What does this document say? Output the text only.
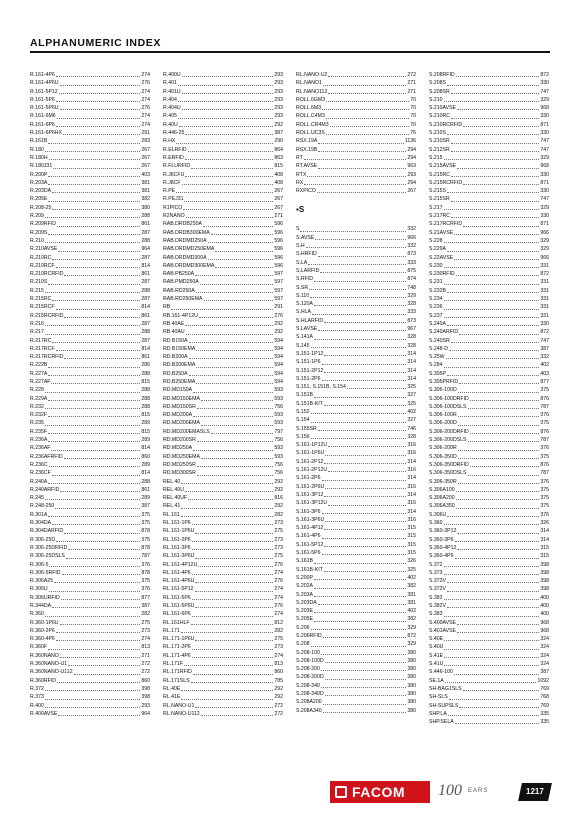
ALPHANUMERIC INDEX
R.161-4P6	274
R.161-4P6U	276
R.161-5P12	274
R.161-5P6	274
R.161-5P6U	276
R.161-6M6	274
R.161-6P6	274
R.161-6P6HX	291
R.161B	283
R.180	267
R.180H	267
R.180J31	267
R.200P	403
R.203A	381
R.203DA	381
R.205E	382
R.208-25	380
R.209	288
R.209RFID	861
R.209S	287
R.210	288
R.210AVSE	964
R.210RC	287
R.210RCF	814
R.210RCRFID	861
R.210S	287
R.215	288
R.215RC	287
R.215RCF	814
R.215RCRFID	861
R.216	287
R.217	288
R.217RC	287
R.217RCF	814
R.217RCRFID	861
R.222B	286
R.227A	288
R.227AF	815
R.228	288
R.229A	288
R.232	288
R.232F	815
R.235	289
R.235F	815
R.236A	289
R.236AF	814
R.236AFRFID	860
R.236C	289
R.236CF	814
R.240A	288
R.240ARFID	861
R.245	289
R.248-250	387
R.301A	375
R.304DA	375
R.304DARFID	878
R.306-25D	375
R.306-25DRFID	878
R.306-25DSLS	787
R.306-5	376
R.306-5RFID	878
R.306A25	375
R.306U	376
R.306URFID	877
R.344DA	387
R.360	282
R.360-1P6U	275
R.360-2P6	273
R.360-4P6	274
R.360F	813
R.360NANO	271
R.360NANO-U1	272
R.360NANO-U112	272
R.360RFID	860
R.372	398
R.373	398
R.400	293
R.400AVSE	964
R.400U	293
R.401	293
R.401U	293
R.404	293
R.404U	293
R.405	293
R.40U	292
R.446-25	387
R.HX	290
R.ELRFID	864
R.ERFID	863
R.FLURFID	815
R.J6CFU	408
R.J8CF	408
R.PE	267
R.PEJ31	267
R1PICO	267
R2NANO	271
RAB.DRDB250A	596
RAB.DRDB300EMA	596
RAB.DRDMD250A	596
RAB.DRDMD250EMA	596
RAB.DRDMD300A	596
RAB.DRDMD300EMA	596
RAB.PB250A	597
RAB.PMD250A	597
RAB.RD250A	597
RAB.RD250EMA	597
RB	291
RB.161-4P12U	276
RB.40AE	292
RB.40AU	292
RD.B150A	594
RD.B150EMA	594
RD.B200A	594
RD.B200EMA	594
RD.B250A	594
RD.B250EMA	594
RD.MD150A	593
RD.MD150EMA	593
RD.MD150SR	756
RD.MD200A	593
RD.MD200EMA	593
RD.MD200EMASLS	797
RD.MD200SR	756
RD.MD250A	593
RD.MD250EMA	593
RD.MD250SR	756
RD.MD300SR	756
REL.40	292
REL.40U	292
REL.40UF	816
REL.41	292
RL.161	282
RL.161-1P6	273
RL.161-1P6U	275
RL.161-2P6	273
RL.161-3P6	273
RL.161-3P6U	275
RL.161-4P12U	276
RL.161-4P6	274
RL.161-4P6U	276
RL.161-5P12	274
RL.161-5P6	274
RL.161-5P6U	276
RL.161-6P6	274
RL.161HLF	812
RL.171	282
RL.171-1P6U	275
RL.171-2P6	273
RL.171-4P6	274
RL.171F	813
RL.171RFID	860
RL.171SLS	785
RL.40E	292
RL.41E	292
RL.NANO-U1	272
RL.NANO-U112	272
RL.NANO-U2	272
RL.NANO1	271
RL.NANO112	271
ROLL.6GM3	70
ROLL.6M3	70
ROLL.C4M3	70
ROLL.CR4M3	70
ROLL.UC3S	76
RSX.19A	1136
RSX.19B	294
RT	294
RT.AVSE	963
RTX	293
RX	294
RXPICO	267
▪S
S	332
S.AVSE	966
S.H	332
S.HRFID	873
S.LA	333
S.LARFID	875
S.RFID	874
S.SR	748
S.110	329
S.120A	328
S.HLA	333
S.HLARFID	873
S.LAVSE	967
S.141A	328
S.145	328
S.151-1P12	314
S.151-1P6	314
S.151-2P12	314
S.151-2P6	314
S.151, S.151B, S.154	325
S.151B	327
S.151B-KIT	325
S.152	402
S.154	327
S.155SR	746
S.156	328
S.161-1P12U	316
S.161-1P6U	316
S.161-2P12	314
S.161-2P12U	316
S.161-2P6	314
S.161-2P6U	316
S.161-3P12	314
S.161-3P12U	316
S.161-3P6	314
S.161-3P6U	316
S.161-4P12	315
S.161-4P6	315
S.161-5P12	315
S.161-5P6	315
S.161B	326
S.161B-KIT	325
S.200P	402
S.202A	382
S.203A	381
S.203DA	381
S.203E	402
S.205E	382
S.206	329
S.206RFID	872
S.208	329
S.208-100	380
S.208-100D	380
S.208-200	380
S.208-200D	380
S.208-340	380
S.208-340D	380
S.208A200	380
S.208A340	380
S.208RFID	872
S.208S	330
S.208SR	747
S.210	329
S.210AVSE	968
S.210RC	330
S.210RCRFID	871
S.210S	330
S.210SR	747
S.212SR	747
S.215	329
S.215AVSE	968
S.215RC	330
S.215RCRFID	871
S.215S	330
S.215SR	747
S.217	329
S.217RC	330
S.217RCRFID	871
S.21AVSE	966
S.228	329
S.229A	329
S.22AVSE	966
S.230	331
S.230RFID	872
S.231	331
S.232B	331
S.234	331
S.236	331
S.237	331
S.240A	330
S.240ARFID	872
S.240SR	747
S.248-D	387
S.25W	332
S.284	402
S.305P	403
S.305PRFID	877
S.306-100D	375
S.306-100DRFID	876
S.306-100DSLS	787
S.306-100R	376
S.306-200D	375
S.306-200DRFID	876
S.306-200DSLS	787
S.306-200R	376
S.306-350D	375
S.306-350DRFID	876
S.306-350DSLS	787
S.306-350R	376
S.306A100	375
S.306A200	375
S.306A350	375
S.306U	376
S.360	326
S.360-3P12	314
S.360-3P6	314
S.360-4P12	315
S.360-4P6	315
S.372	398
S.373	398
S.372V	398
S.373V	398
S.382	400
S.382V	400
S.383	400
S.400AVSE	968
S.401AVSE	968
S.40E	324
S.40U	324
S.41E	324
S.41U	324
S.446-100	387
SE.1A	1092
SH-BAG1SLS	769
SH-SLS	768
SH-SUPSLS	769
SHP.LA	335
SHP.SELA	335
FACOM 100 EARS	1217
